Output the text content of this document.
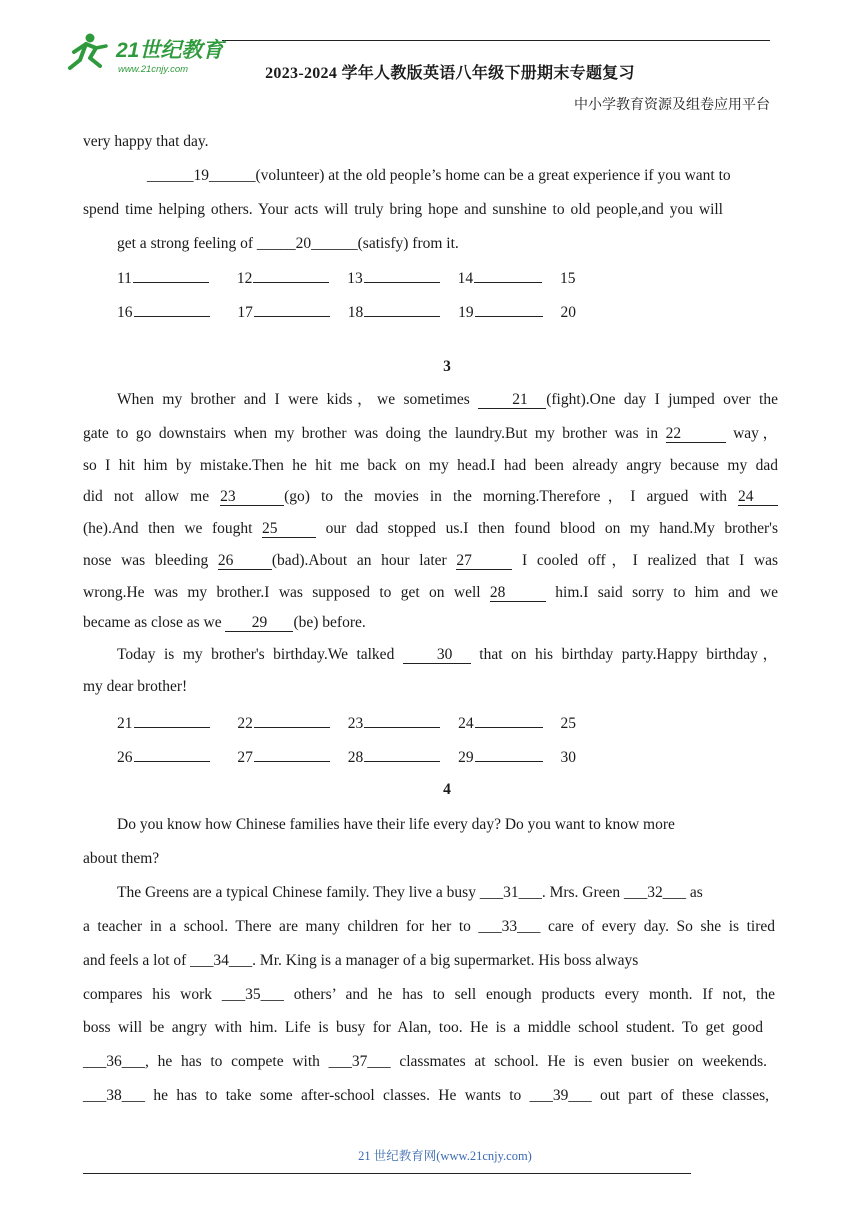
21世纪教育
www.21cnjy.com	2023-2024 学年人教版英语八年级下册期末专题复习
中小学教育资源及组卷应用平台
very happy that day.
______19______(volunteer) at the old people’s home can be a great experience if you want to
spend time helping others. Your acts will truly bring hope and sunshine to old people,and you will
get a strong feeling of _____20______(satisfy) from it.
11	12	13	14	15
16	17	18	19	20
3
When my brother and I were kids，we sometimes 21 (fight).One day I jumped over the
gate to go downstairs when my brother was doing the laundry.But my brother was in 22	way，
so I hit him by mistake.Then he hit me back on my head.I had been already angry because my dad
did not allow me 23	(go) to the movies in the morning.Therefore，I argued with 24
(he).And then we fought 25 our dad stopped us.I then found blood on my hand.My brother's
nose was bleeding 26 (bad).About an hour later 27	I cooled off，I realized that I was
wrong.He was my brother.I was supposed to get on well 28	him.I said sorry to him and we
became as close as we 29 (be) before.
Today is my brother's birthday.We talked 30 that on his birthday party.Happy birthday，
my dear brother!
21	22	23	24	25
26	27	28	29	30
4
Do you know how Chinese families have their life every day? Do you want to know more
about them?
The Greens are a typical Chinese family. They live a busy ___31___. Mrs. Green ___32___ as
a teacher in a school. There are many children for her to ___33___ care of every day. So she is tired
and feels a lot of ___34___. Mr. King is a manager of a big supermarket. His boss always
compares his work ___35___ others’ and he has to sell enough products every month. If not, the
boss will be angry with him. Life is busy for Alan, too. He is a middle school student. To get good
___36___, he has to compete with ___37___ classmates at school. He is even busier on weekends.
___38___ he has to take some after-school classes. He wants to ___39___ out part of these classes,
21 世纪教育网(www.21cnjy.com)
